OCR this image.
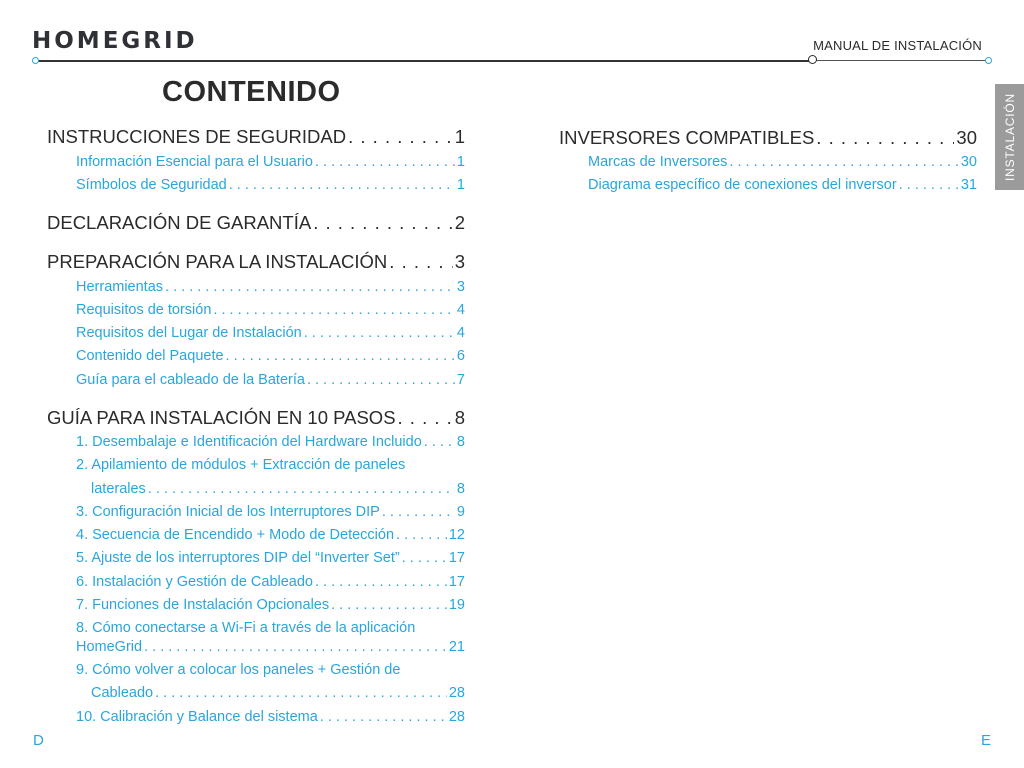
HOMEGRID	MANUAL DE INSTALACIÓN
INSTALACIÓN
CONTENIDO
INSTRUCCIONES DE SEGURIDAD . . .	1
Información Esencial para el Usuario . . .	1
Símbolos de Seguridad . . .	1
DECLARACIÓN DE GARANTÍA . . .	2
PREPARACIÓN PARA LA INSTALACIÓN . . .	3
Herramientas . . .	3
Requisitos de torsión . . .	4
Requisitos del Lugar de Instalación . . .	4
Contenido del Paquete . . .	6
Guía para el cableado de la Batería . . .	7
GUÍA PARA INSTALACIÓN EN 10 PASOS . . .	8
1. Desembalaje e Identificación del Hardware Incluido . . . 8
2. Apilamiento de módulos + Extracción de paneles
laterales . . .	8
3. Configuración Inicial de los Interruptores DIP . . .	9
4. Secuencia de Encendido + Modo de Detección . . .	12
5. Ajuste de los interruptores DIP del “Inverter Set” . . .	17
6. Instalación y Gestión de Cableado . . .	17
7. Funciones de Instalación Opcionales . . .	19
8. Cómo conectarse a Wi-Fi a través de la aplicación
HomeGrid . . .	21
9. Cómo volver a colocar los paneles + Gestión de
Cableado . . .	28
10. Calibración y Balance del sistema . . .	28
INVERSORES COMPATIBLES . . .	30
Marcas de Inversores . . .	30
Diagrama específico de conexiones del inversor . . .	31
D	E
